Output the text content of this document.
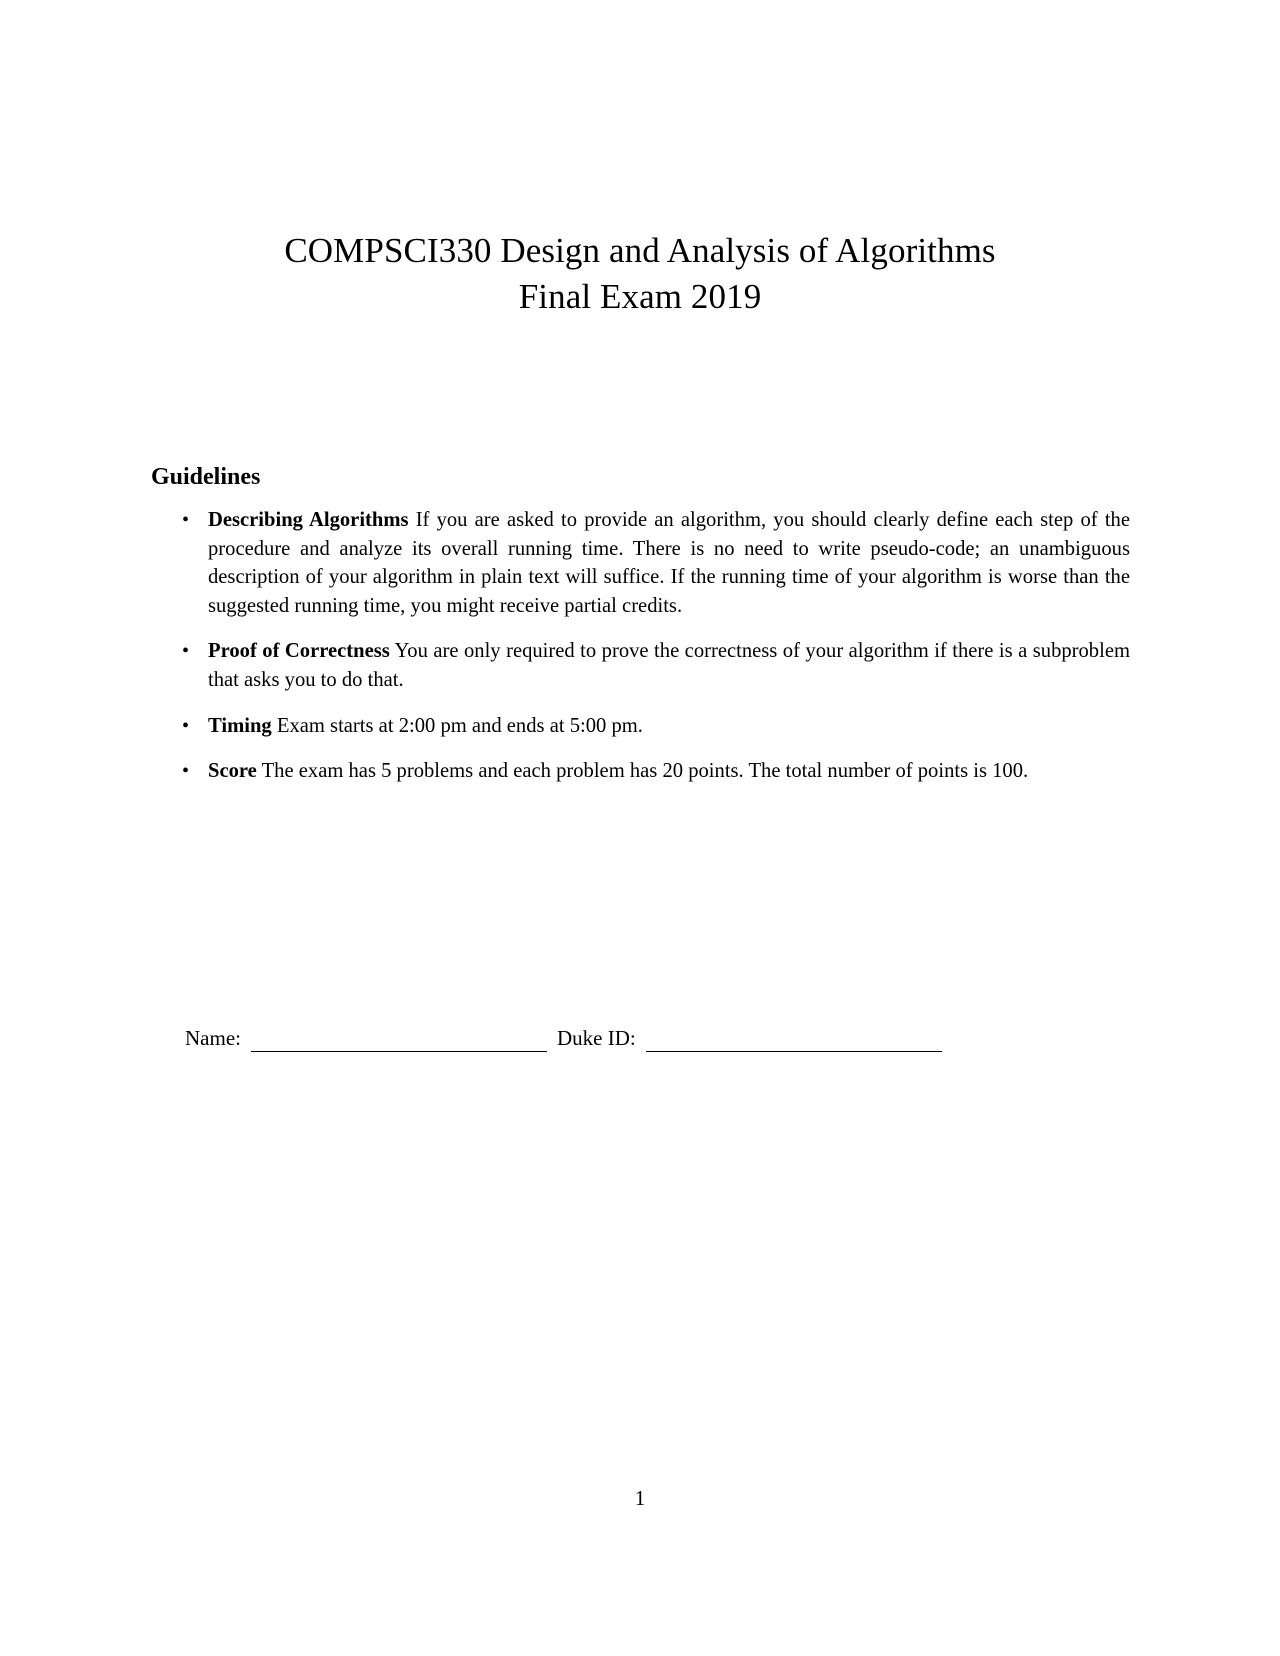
COMPSCI330 Design and Analysis of Algorithms
Final Exam 2019
Guidelines
• Describing Algorithms If you are asked to provide an algorithm, you should clearly define each step of the procedure and analyze its overall running time. There is no need to write pseudo-code; an unambiguous description of your algorithm in plain text will suffice. If the running time of your algorithm is worse than the suggested running time, you might receive partial credits.
• Proof of Correctness You are only required to prove the correctness of your algorithm if there is a subproblem that asks you to do that.
• Timing Exam starts at 2:00 pm and ends at 5:00 pm.
• Score The exam has 5 problems and each problem has 20 points. The total number of points is 100.
Name:	Duke ID:
1
